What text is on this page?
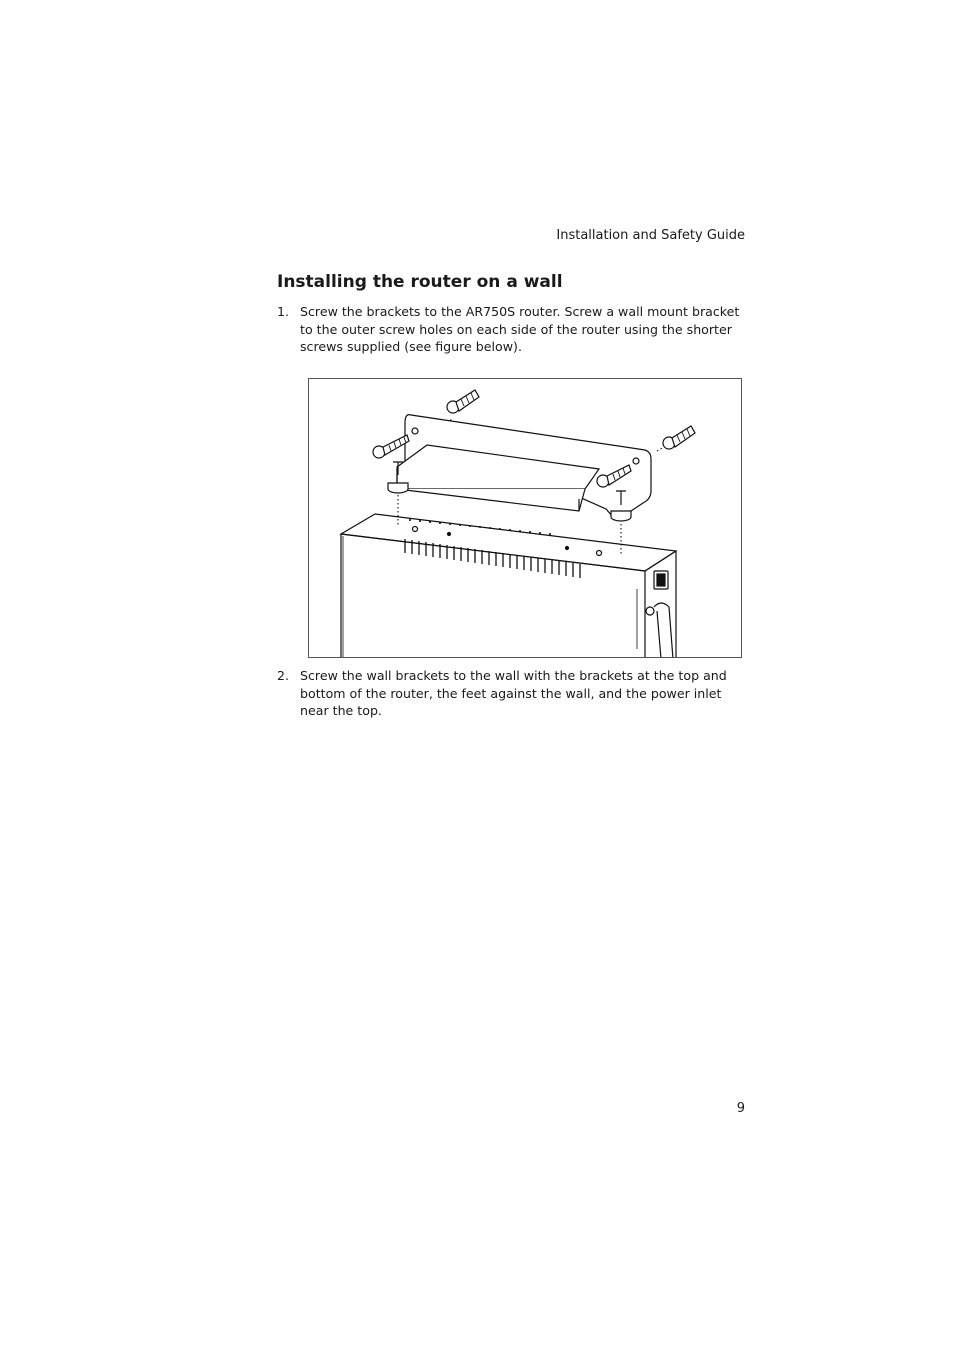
Installation and Safety Guide
Installing the router on a wall
1. Screw the brackets to the AR750S router. Screw a wall mount bracket to the outer screw holes on each side of the router using the shorter screws supplied (see figure below).
2. Screw the wall brackets to the wall with the brackets at the top and bottom of the router, the feet against the wall, and the power inlet near the top.
9
